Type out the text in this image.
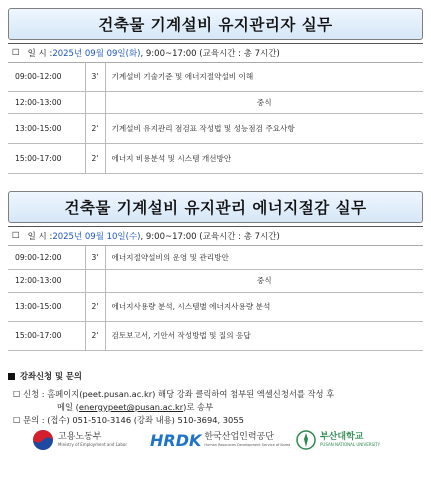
건축물 기계설비 유지관리자 실무
☐ 일 시 : 2025년 09월 09일(화) , 9:00~17:00 (교육시간 : 총 7시간)
09:00-12:00	3'	기계설비 기술기준 및 에너지절약설비 이해
12:00-13:00		중식
13:00-15:00	2'	기계설비 유지관리 점검표 작성법 및 성능점검 주요사항
15:00-17:00	2'	에너지 비용분석 및 시스템 개선방안
건축물 기계설비 유지관리 에너지절감 실무
☐ 일 시 : 2025년 09월 10일(수) , 9:00~17:00 (교육시간 : 총 7시간)
09:00-12:00	3'	에너지절약설비의 운영 및 관리방안
12:00-13:00		중식
13:00-15:00	2'	에너지사용량 분석, 시스템별 에너지사용량 분석
15:00-17:00	2'	검토보고서, 기안서 작성방법 및 질의 응답
강좌신청 및 문의
☐ 신청 : 홈페이지(peet.pusan.ac.kr) 해당 강좌 클릭하여 첨부된 엑셀신청서를 작성 후
메일 (energypeet@pusan.ac.kr)로 송부
☐ 문의 : (접수) 051-510-3146 (강좌 내용) 510-3694, 3055
고용노동부
Ministry of Employment and Labor HRDK 한국산업인력공단
Human Resources Development Service of Korea
부산대학교
PUSAN NATIONAL UNIVERSITY
